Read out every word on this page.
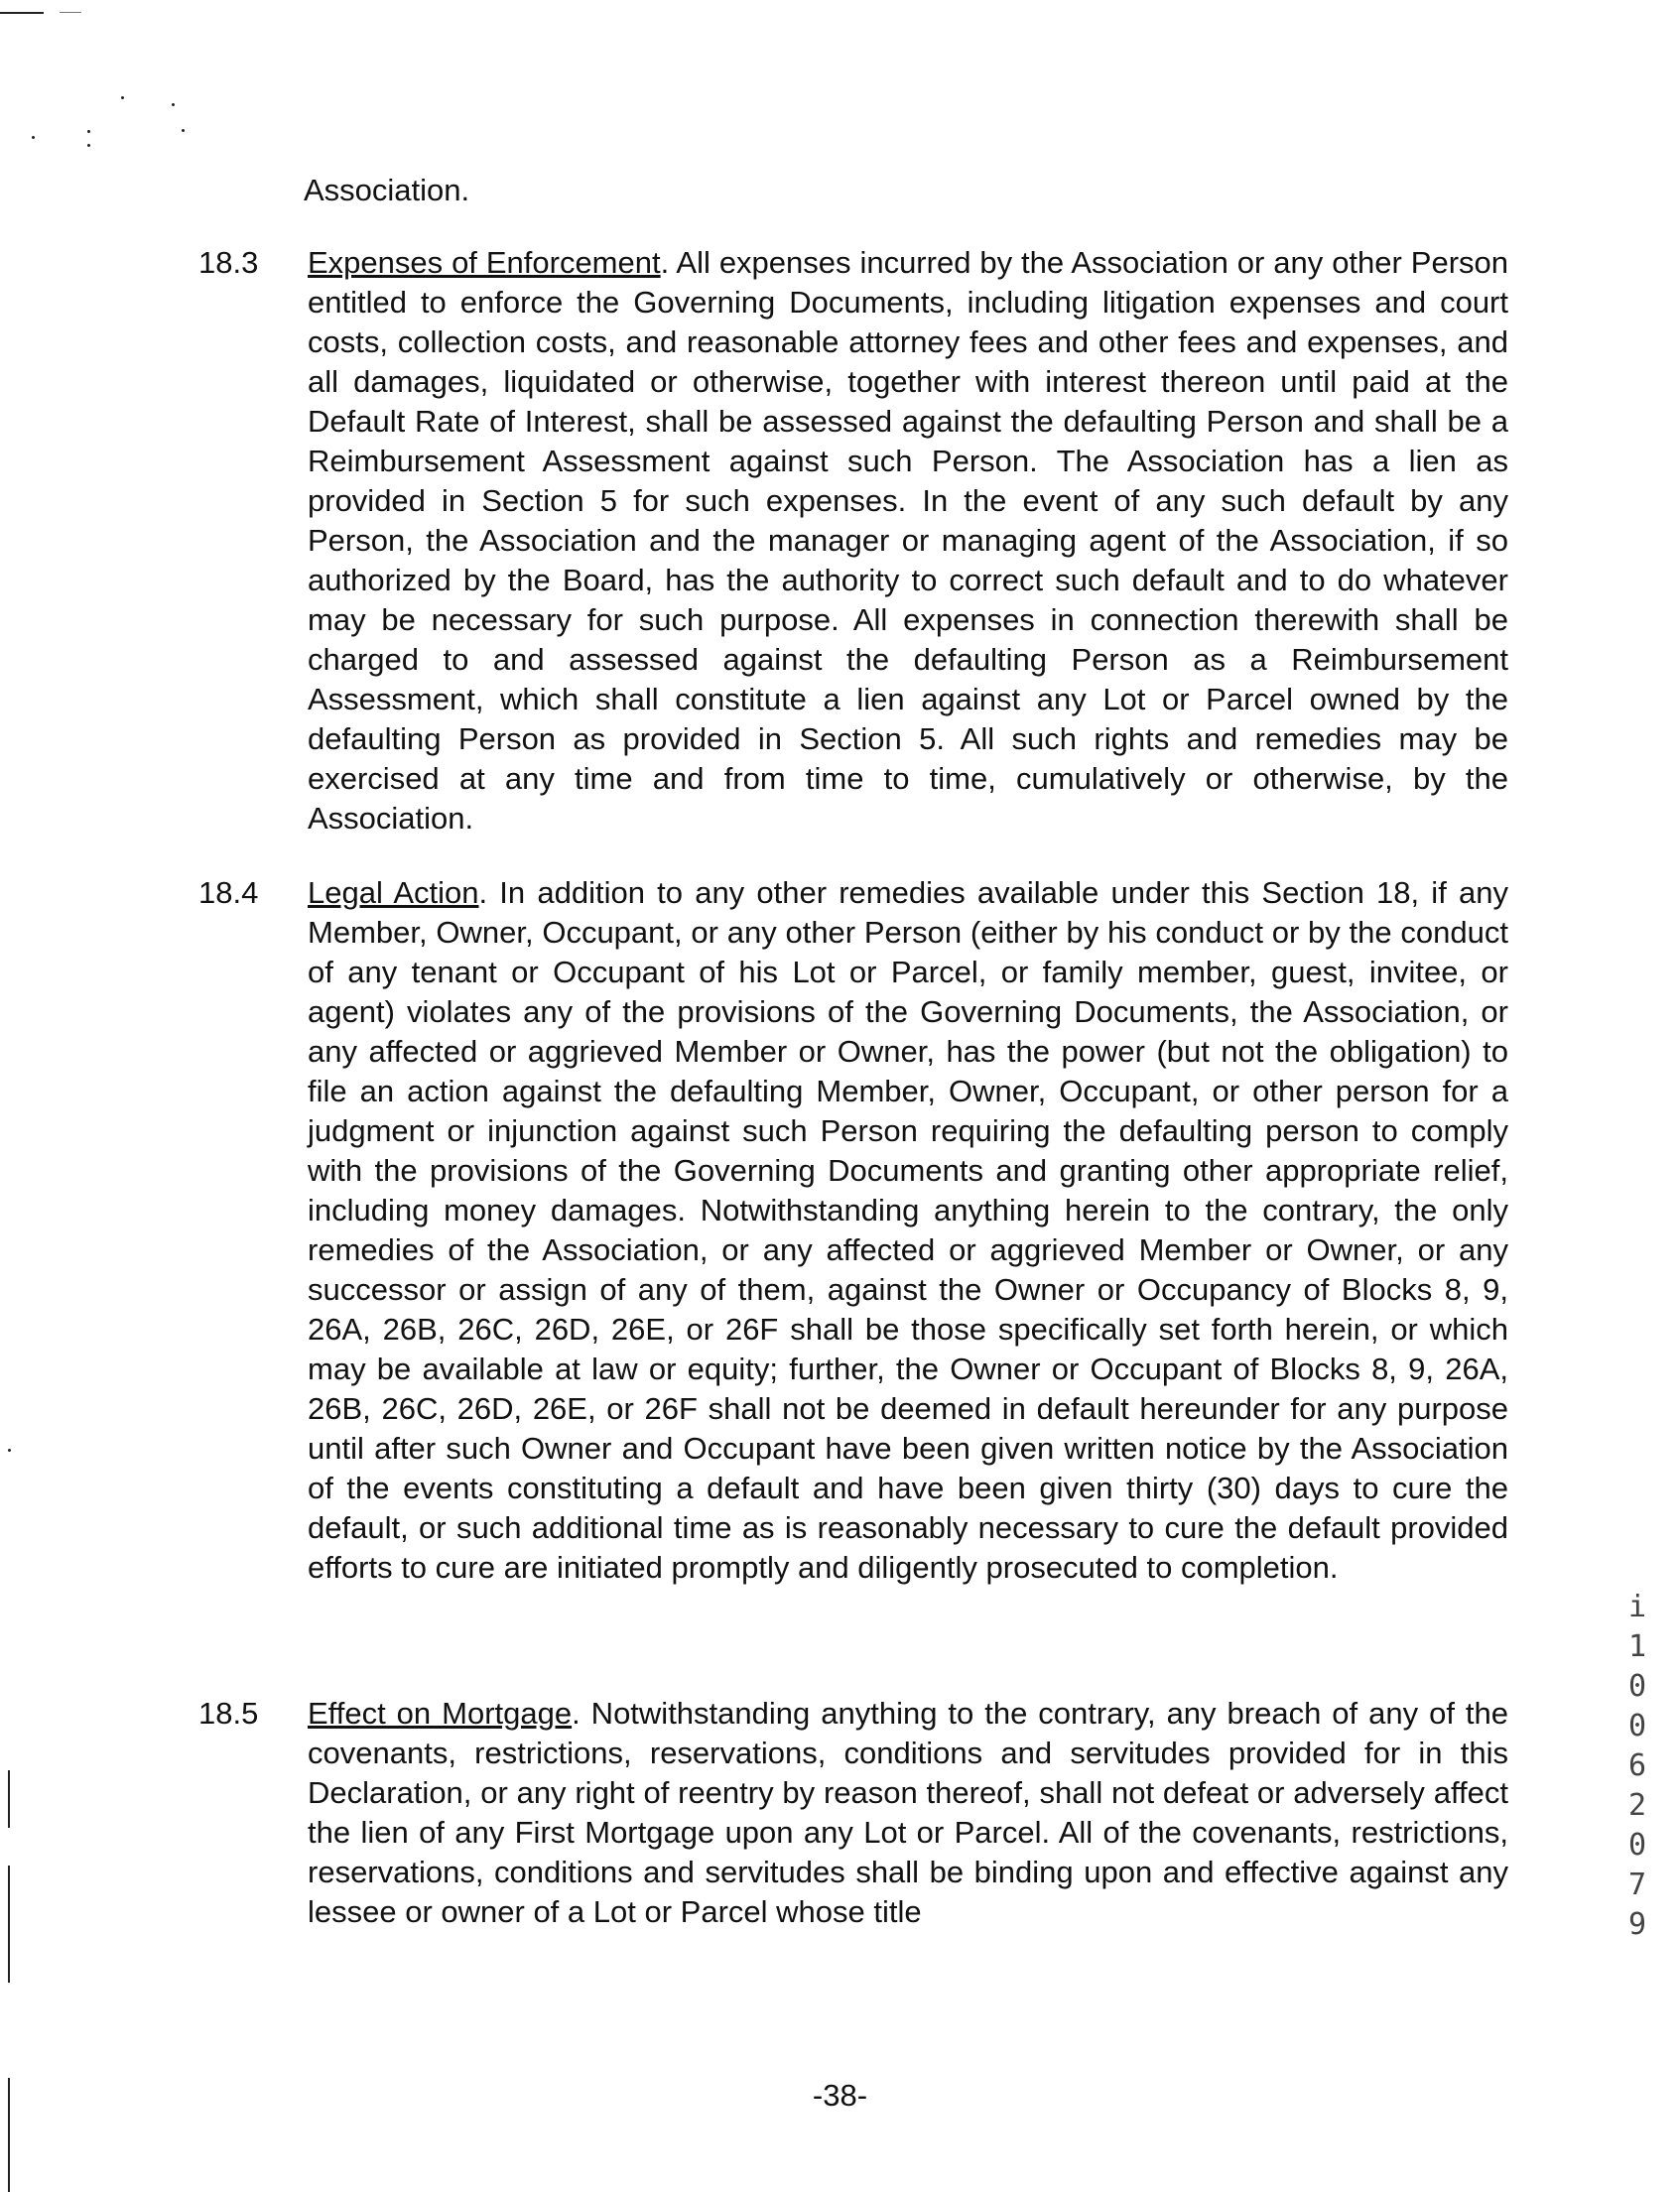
Association.
18.3	Expenses of Enforcement. All expenses incurred by the Association or any other Person entitled to enforce the Governing Documents, including litigation expenses and court costs, collection costs, and reasonable attorney fees and other fees and expenses, and all damages, liquidated or otherwise, together with interest thereon until paid at the Default Rate of Interest, shall be assessed against the defaulting Person and shall be a Reimbursement Assessment against such Person. The Association has a lien as provided in Section 5 for such expenses. In the event of any such default by any Person, the Association and the manager or managing agent of the Association, if so authorized by the Board, has the authority to correct such default and to do whatever may be necessary for such purpose. All expenses in connection therewith shall be charged to and assessed against the defaulting Person as a Reimbursement Assessment, which shall constitute a lien against any Lot or Parcel owned by the defaulting Person as provided in Section 5. All such rights and remedies may be exercised at any time and from time to time, cumulatively or otherwise, by the Association.
18.4	Legal Action. In addition to any other remedies available under this Section 18, if any Member, Owner, Occupant, or any other Person (either by his conduct or by the conduct of any tenant or Occupant of his Lot or Parcel, or family member, guest, invitee, or agent) violates any of the provisions of the Governing Documents, the Association, or any affected or aggrieved Member or Owner, has the power (but not the obligation) to file an action against the defaulting Member, Owner, Occupant, or other person for a judgment or injunction against such Person requiring the defaulting person to comply with the provisions of the Governing Documents and granting other appropriate relief, including money damages. Notwithstanding anything herein to the contrary, the only remedies of the Association, or any affected or aggrieved Member or Owner, or any successor or assign of any of them, against the Owner or Occupancy of Blocks 8, 9, 26A, 26B, 26C, 26D, 26E, or 26F shall be those specifically set forth herein, or which may be available at law or equity; further, the Owner or Occupant of Blocks 8, 9, 26A, 26B, 26C, 26D, 26E, or 26F shall not be deemed in default hereunder for any purpose until after such Owner and Occupant have been given written notice by the Association of the events constituting a default and have been given thirty (30) days to cure the default, or such additional time as is reasonably necessary to cure the default provided efforts to cure are initiated promptly and diligently prosecuted to completion.
18.5	Effect on Mortgage. Notwithstanding anything to the contrary, any breach of any of the covenants, restrictions, reservations, conditions and servitudes provided for in this Declaration, or any right of reentry by reason thereof, shall not defeat or adversely affect the lien of any First Mortgage upon any Lot or Parcel. All of the covenants, restrictions, reservations, conditions and servitudes shall be binding upon and effective against any lessee or owner of a Lot or Parcel whose title
-38-
i
1
0
0
6
2
0
7
9
